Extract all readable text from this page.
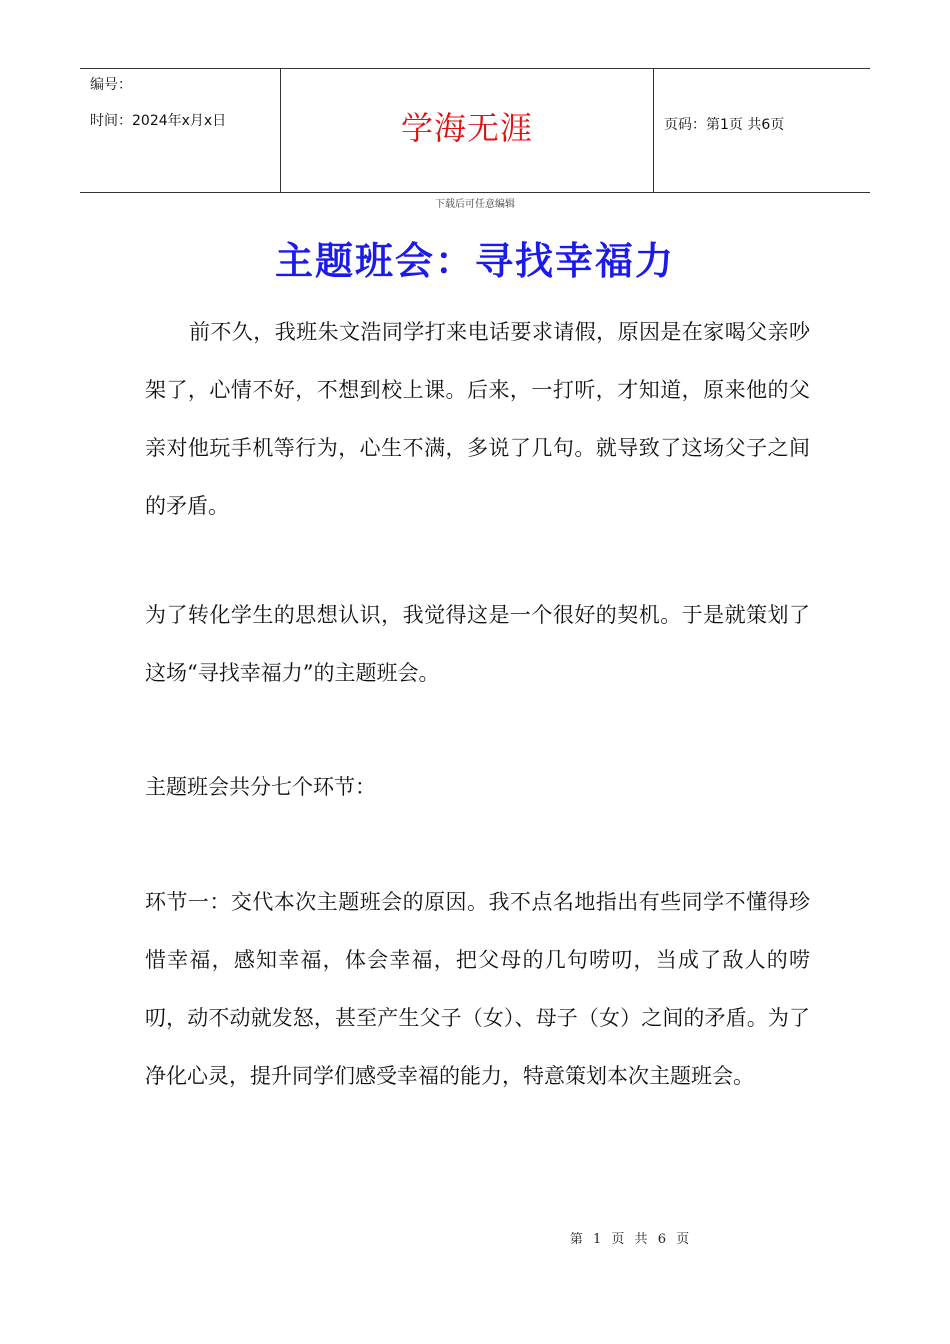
编号：
时间：2024年x月x日	学海无涯	页码：第1页 共6页
下载后可任意编辑
主题班会：寻找幸福力

前不久，我班朱文浩同学打来电话要求请假，原因是在家喝父亲吵架了，心情不好，不想到校上课。后来，一打听，才知道，原来他的父亲对他玩手机等行为，心生不满，多说了几句。就导致了这场父子之间的矛盾。

为了转化学生的思想认识，我觉得这是一个很好的契机。于是就策划了这场“寻找幸福力”的主题班会。

主题班会共分七个环节：

环节一：交代本次主题班会的原因。我不点名地指出有些同学不懂得珍惜幸福，感知幸福，体会幸福，把父母的几句唠叨，当成了敌人的唠叨，动不动就发怒，甚至产生父子（女）、母子（女）之间的矛盾。为了净化心灵，提升同学们感受幸福的能力，特意策划本次主题班会。

第 1 页 共 6 页
